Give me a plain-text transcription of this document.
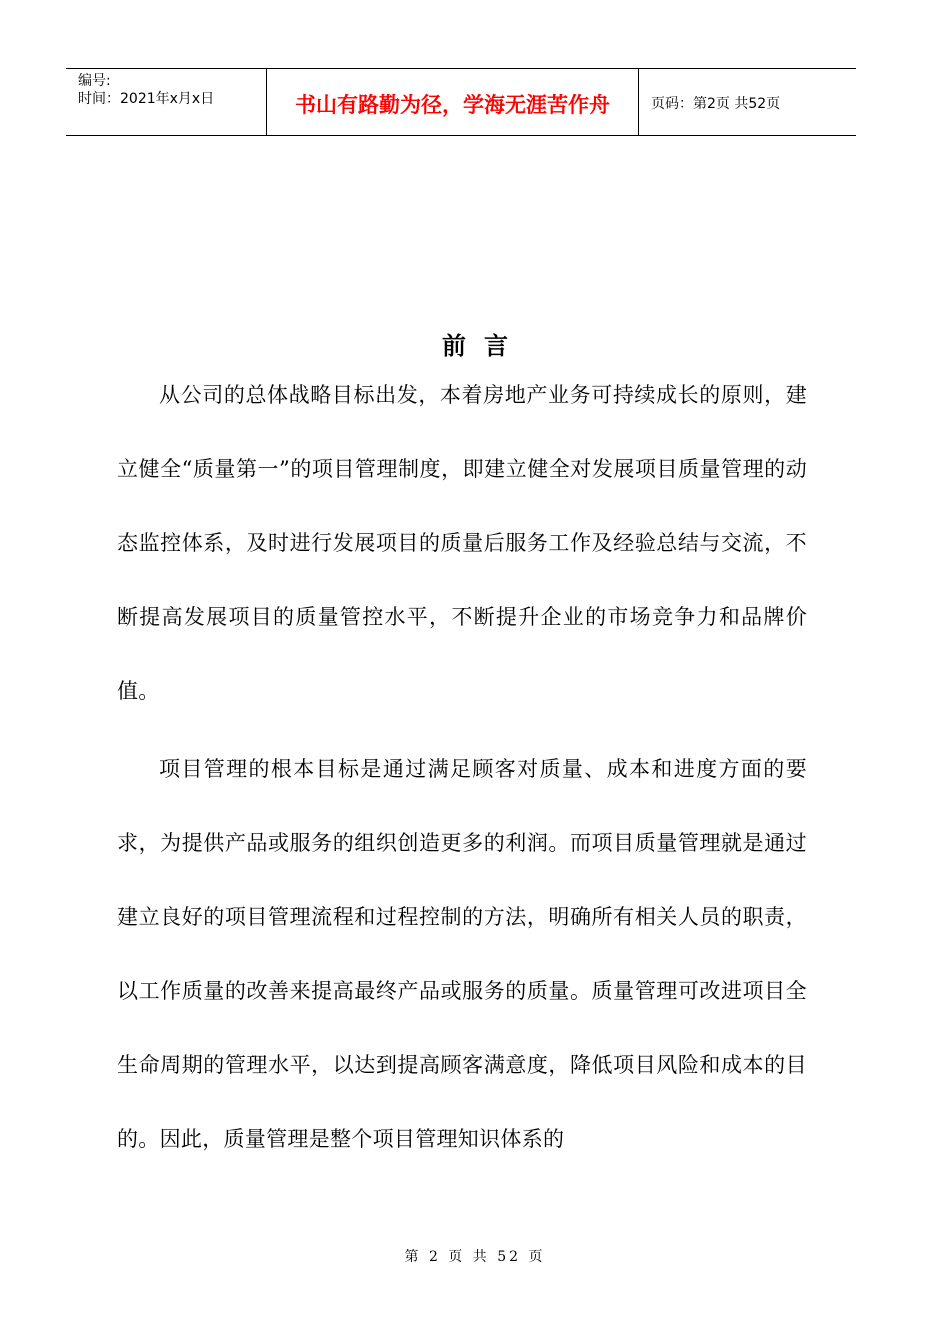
编号:
时间：2021年x月x日	书山有路勤为径，学海无涯苦作舟	页码：第2页 共52页
前言

从公司的总体战略目标出发，本着房地产业务可持续成长的原则，建立健全“质量第一”的项目管理制度，即建立健全对发展项目质量管理的动态监控体系，及时进行发展项目的质量后服务工作及经验总结与交流，不断提高发展项目的质量管控水平，不断提升企业的市场竞争力和品牌价值。

项目管理的根本目标是通过满足顾客对质量、成本和进度方面的要求，为提供产品或服务的组织创造更多的利润。而项目质量管理就是通过建立良好的项目管理流程和过程控制的方法，明确所有相关人员的职责，以工作质量的改善来提高最终产品或服务的质量。质量管理可改进项目全生命周期的管理水平，以达到提高顾客满意度，降低项目风险和成本的目的。因此，质量管理是整个项目管理知识体系的

第 2 页 共 52 页
